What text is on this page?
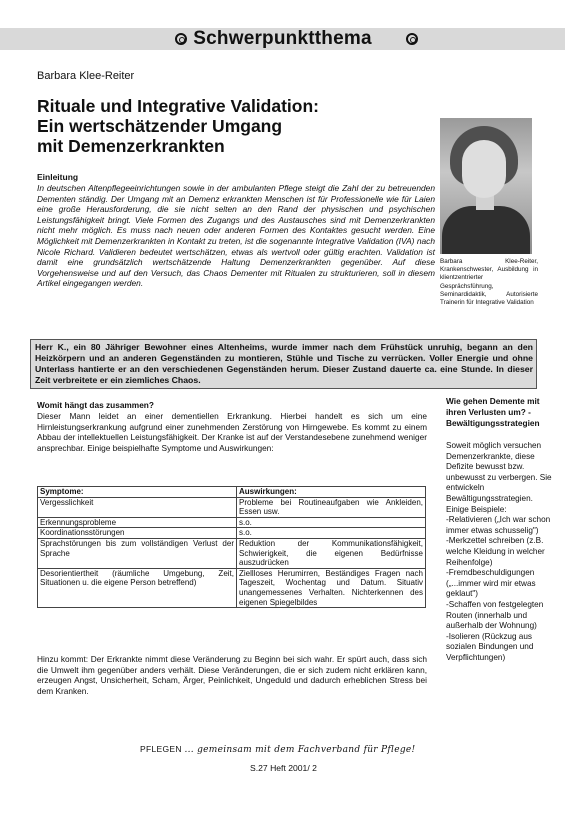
Schwerpunktthema
Barbara Klee-Reiter
Rituale und Integrative Validation:
Ein wertschätzender Umgang
mit Demenzerkrankten
Barbara Klee-Reiter, Krankenschwester, Ausbildung in klientzentrierter Gesprächsführung, Seminardidaktik, Autorisierte Trainerin für Integrative Validation
Einleitung
In deutschen Altenpflegeeinrichtungen sowie in der ambulanten Pflege steigt die Zahl der zu betreuenden Dementen ständig. Der Umgang mit an Demenz erkrankten Menschen ist für Professionelle wie für Laien eine große Herausforderung, die sie nicht selten an den Rand der physischen und psychischen Leistungsfähigkeit bringt. Viele Formen des Zugangs und des Austausches sind mit Demenzerkrankten nicht mehr möglich. Es muss nach neuen oder anderen Formen des Kontaktes gesucht werden. Eine Möglichkeit mit Demenzerkrankten in Kontakt zu treten, ist die sogenannte Integrative Validation (IVA) nach Nicole Richard. Validieren bedeutet wertschätzen, etwas als wertvoll oder gültig erachten. Validation ist damit eine grundsätzlich wertschätzende Haltung Demenzerkrankten gegenüber. Auf diese Vorgehensweise und auf den Versuch, das Chaos Dementer mit Ritualen zu strukturieren, soll in diesem Artikel eingegangen werden.
Herr K., ein 80 Jähriger Bewohner eines Altenheims, wurde immer nach dem Frühstück unruhig, begann an den Heizkörpern und an anderen Gegenständen zu montieren, Stühle und Tische zu verrücken. Voller Energie und ohne Unterlass hantierte er an den verschiedenen Gegenständen herum. Dieser Zustand dauerte ca. eine Stunde. In dieser Zeit verbreitete er ein ziemliches Chaos.
Womit hängt das zusammen?
Dieser Mann leidet an einer dementiellen Erkrankung. Hierbei handelt es sich um eine Hirnleistungserkrankung aufgrund einer zunehmenden Zerstörung von Hirngewebe. Es kommt zu einem Abbau der intellektuellen Leistungsfähigkeit. Der Kranke ist auf der Verstandesebene zunehmend weniger ansprechbar. Einige beispielhafte Symptome und Auswirkungen:
Symptome:	Auswirkungen:
Vergesslichkeit	Probleme bei Routineaufgaben wie Ankleiden, Essen usw.
Erkennungsprobleme	s.o.
Koordinationsstörungen	s.o.
Sprachstörungen bis zum vollständigen Verlust der Sprache	Reduktion der Kommunikationsfähigkeit, Schwierigkeit, die eigenen Bedürfnisse auszudrücken
Desorientiertheit (räumliche Umgebung, Zeit, Situationen u. die eigene Person betreffend)	Ziellloses Herumirren, Beständiges Fragen nach Tageszeit, Wochentag und Datum. Situativ unangemessenes Verhalten. Nichterkennen des eigenen Spiegelbildes
Hinzu kommt: Der Erkrankte nimmt diese Veränderung zu Beginn bei sich wahr. Er spürt auch, dass sich die Umwelt ihm gegenüber anders verhält. Diese Veränderungen, die er sich zudem nicht erklären kann, erzeugen Angst, Unsicherheit, Scham, Ärger, Peinlichkeit, Ungeduld und dadurch erheblichen Stress bei dem Kranken.
Wie gehen Demente mit ihren Verlusten um? - Bewältigungsstrategien
Soweit möglich versuchen Demenzerkrankte, diese Defizite bewusst bzw. unbewusst zu verbergen. Sie entwickeln Bewältigungsstrategien. Einige Beispiele:
-Relativieren („Ich war schon immer etwas schusselig")
-Merkzettel schreiben (z.B. welche Kleidung in welcher Reihenfolge)
-Fremdbeschuldigungen („...immer wird mir etwas geklaut")
-Schaffen von festgelegten Routen (innerhalb und außerhalb der Wohnung)
-Isolieren (Rückzug aus sozialen Bindungen und Verpflichtungen)
PFLEGEN ... gemeinsam mit dem Fachverband für Pflege!
S.27 Heft 2001/ 2
